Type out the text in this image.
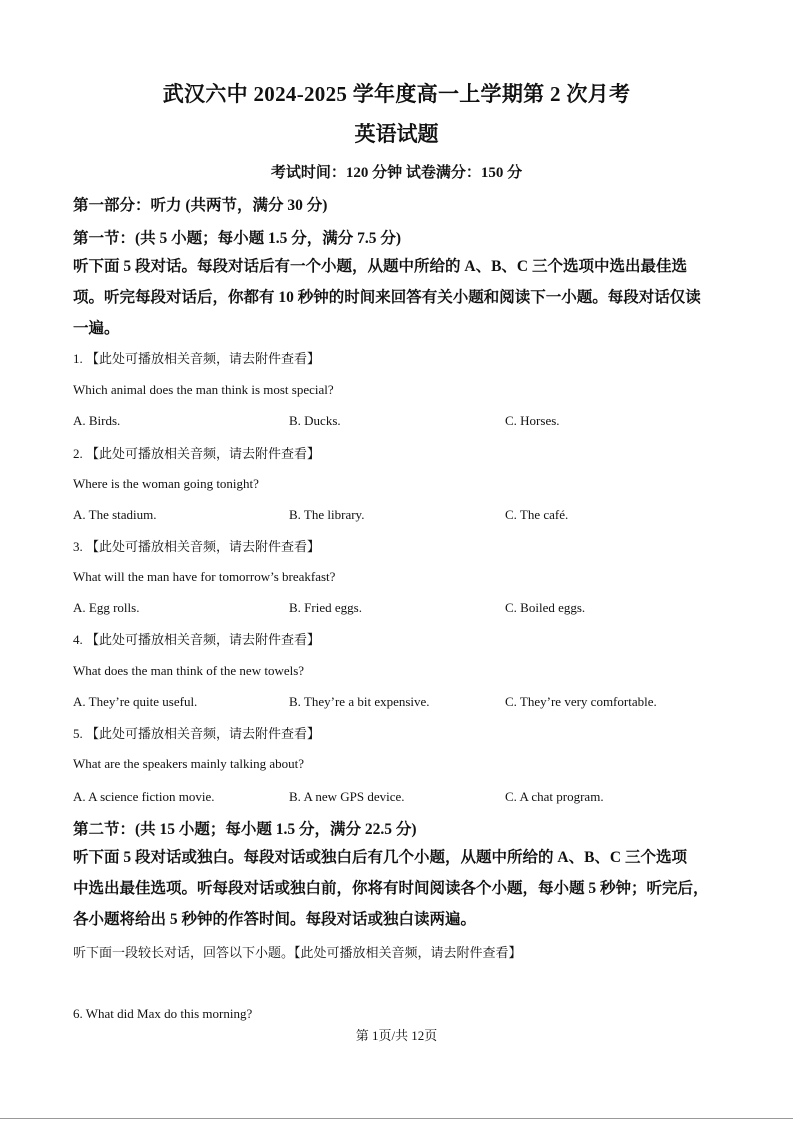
武汉六中 2024-2025 学年度高一上学期第 2 次月考
英语试题
考试时间：120 分钟 试卷满分：150 分
第一部分：听力 (共两节，满分 30 分)
第一节：(共 5 小题；每小题 1.5 分，满分 7.5 分)
听下面 5 段对话。每段对话后有一个小题，从题中所给的 A、B、C 三个选项中选出最佳选
项。听完每段对话后，你都有 10 秒钟的时间来回答有关小题和阅读下一小题。每段对话仅读
一遍。
1. 【此处可播放相关音频，请去附件查看】
Which animal does the man think is most special?
A. Birds.	B. Ducks.	C. Horses.
2. 【此处可播放相关音频，请去附件查看】
Where is the woman going tonight?
A. The stadium.	B. The library.	C. The café.
3. 【此处可播放相关音频，请去附件查看】
What will the man have for tomorrow’s breakfast?
A. Egg rolls.	B. Fried eggs.	C. Boiled eggs.
4. 【此处可播放相关音频，请去附件查看】
What does the man think of the new towels?
A. They’re quite useful.	B. They’re a bit expensive.	C. They’re very comfortable.
5. 【此处可播放相关音频，请去附件查看】
What are the speakers mainly talking about?
A. A science fiction movie.	B. A new GPS device.	C. A chat program.
第二节：(共 15 小题；每小题 1.5 分，满分 22.5 分)
听下面 5 段对话或独白。每段对话或独白后有几个小题，从题中所给的 A、B、C 三个选项
中选出最佳选项。听每段对话或独白前，你将有时间阅读各个小题，每小题 5 秒钟；听完后，
各小题将给出 5 秒钟的作答时间。每段对话或独白读两遍。
听下面一段较长对话，回答以下小题。【此处可播放相关音频，请去附件查看】
6. What did Max do this morning?
第 1页/共 12页
